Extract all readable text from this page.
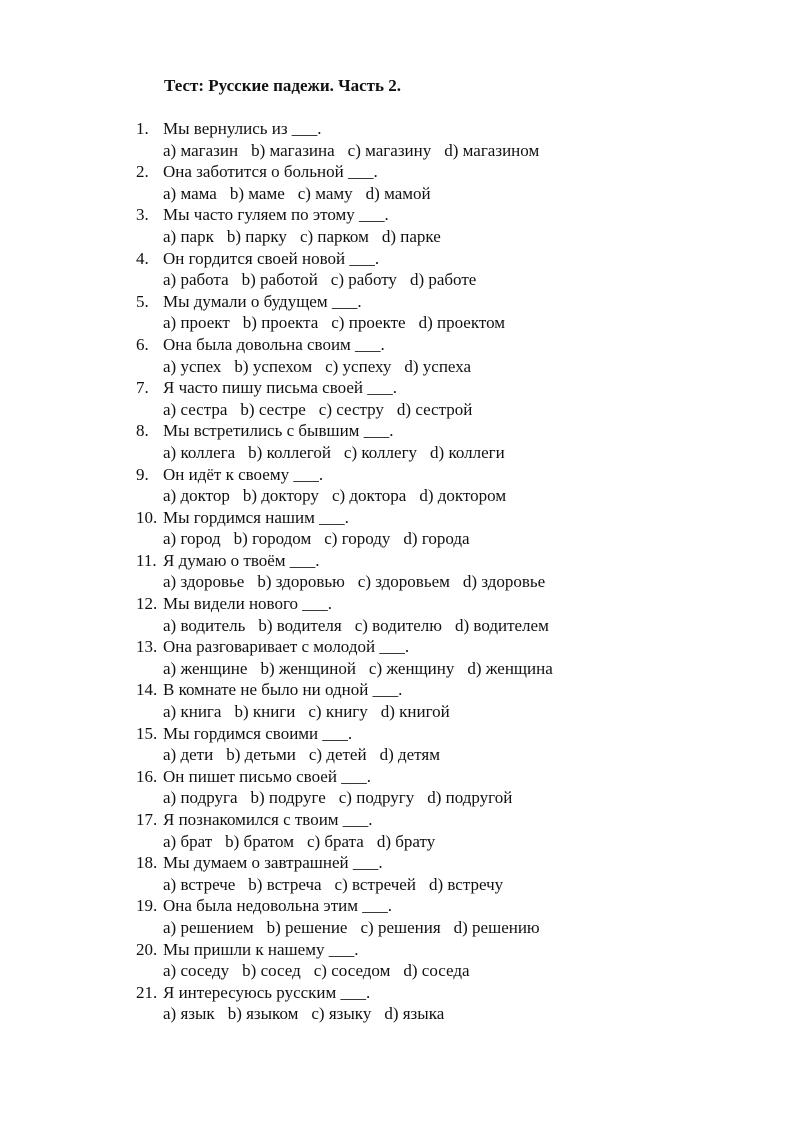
Тест: Русские падежи. Часть 2.
1. Мы вернулись из ___.
a) магазин b) магазина c) магазину d) магазином
2. Она заботится о больной ___.
a) мама b) маме c) маму d) мамой
3. Мы часто гуляем по этому ___.
a) парк b) парку c) парком d) парке
4. Он гордится своей новой ___.
a) работа b) работой c) работу d) работе
5. Мы думали о будущем ___.
a) проект b) проекта c) проекте d) проектом
6. Она была довольна своим ___.
a) успех b) успехом c) успеху d) успеха
7. Я часто пишу письма своей ___.
a) сестра b) сестре c) сестру d) сестрой
8. Мы встретились с бывшим ___.
a) коллега b) коллегой c) коллегу d) коллеги
9. Он идёт к своему ___.
a) доктор b) доктору c) доктора d) доктором
10. Мы гордимся нашим ___.
a) город b) городом c) городу d) города
11. Я думаю о твоём ___.
a) здоровье b) здоровью c) здоровьем d) здоровье
12. Мы видели нового ___.
a) водитель b) водителя c) водителю d) водителем
13. Она разговаривает с молодой ___.
a) женщине b) женщиной c) женщину d) женщина
14. В комнате не было ни одной ___.
a) книга b) книги c) книгу d) книгой
15. Мы гордимся своими ___.
a) дети b) детьми c) детей d) детям
16. Он пишет письмо своей ___.
a) подруга b) подруге c) подругу d) подругой
17. Я познакомился с твоим ___.
a) брат b) братом c) брата d) брату
18. Мы думаем о завтрашней ___.
a) встрече b) встреча c) встречей d) встречу
19. Она была недовольна этим ___.
a) решением b) решение c) решения d) решению
20. Мы пришли к нашему ___.
a) соседу b) сосед c) соседом d) соседа
21. Я интересуюсь русским ___.
a) язык b) языком c) языку d) языка
